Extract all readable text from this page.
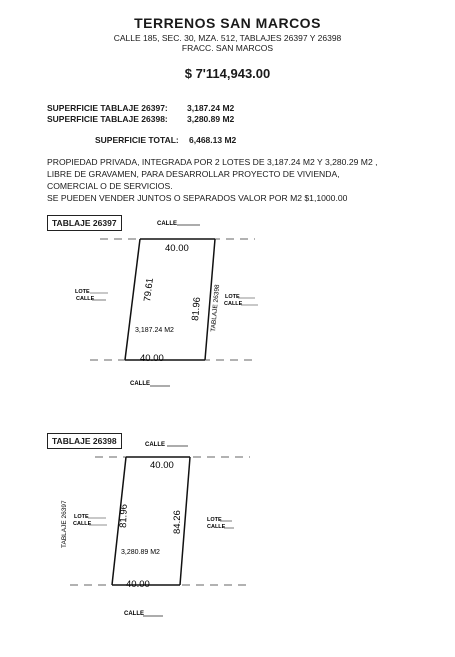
TERRENOS SAN MARCOS
CALLE 185, SEC. 30, MZA. 512, TABLAJES 26397 Y 26398
FRACC. SAN MARCOS
$ 7'114,943.00
SUPERFICIE TABLAJE 26397: 3,187.24 M2
SUPERFICIE TABLAJE 26398: 3,280.89 M2
SUPERFICIE TOTAL: 6,468.13 M2
PROPIEDAD PRIVADA, INTEGRADA POR 2 LOTES DE 3,187.24 M2 Y 3,280.29 M2 ,
LIBRE DE GRAVAMEN, PARA DESARROLLAR PROYECTO DE VIVIENDA,
COMERCIAL O DE SERVICIOS.
SE PUEDEN VENDER JUNTOS O SEPARADOS VALOR POR M2 $1,1000.00
TABLAJE 26397	CALLE
40.00
79.61
81.96 TABLAJE 26398
LOTE
CALLE	LOTE
CALLE
3,187.24 M2
40.00
CALLE
TABLAJE 26398	CALLE
40.00
81.96	84.26
TABLAJE 26397 LOTE
CALLE
LOTE
CALLE
3,280.89 M2
40.00
CALLE
